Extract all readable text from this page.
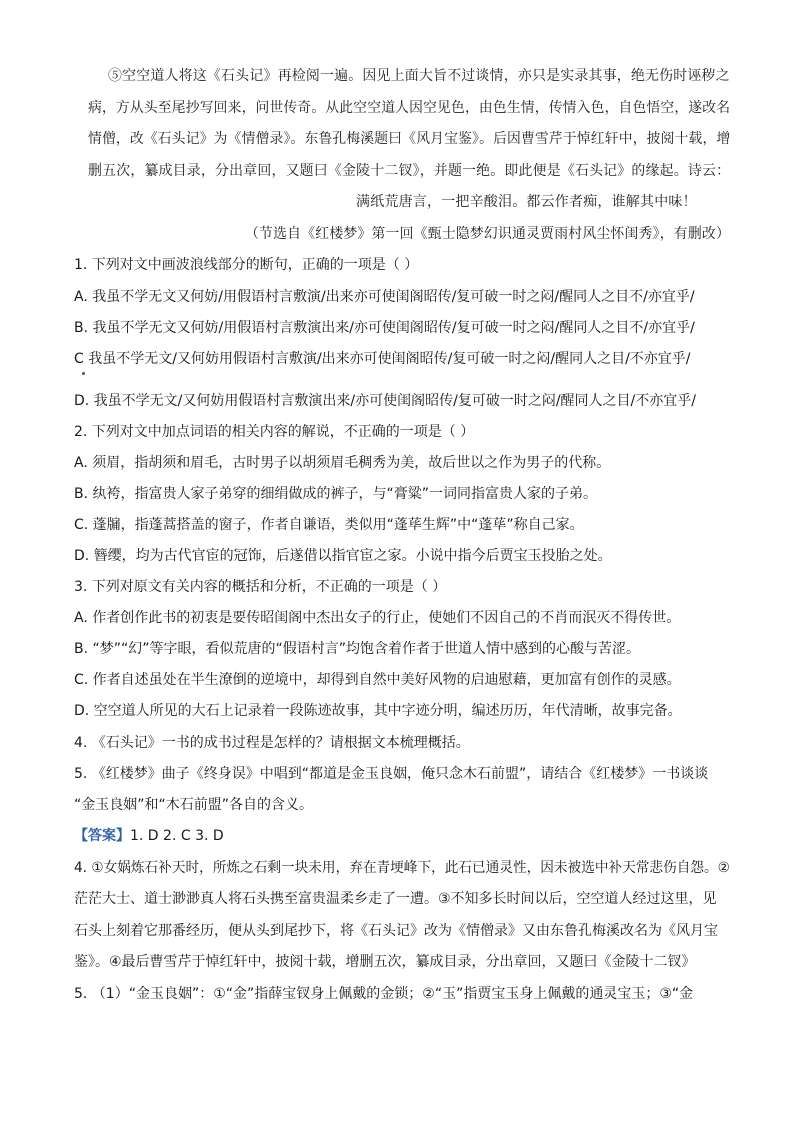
⑤空空道人将这《石头记》再检阅一遍。因见上面大旨不过谈情，亦只是实录其事，绝无伤时诬秽之
病，方从头至尾抄写回来，问世传奇。从此空空道人因空见色，由色生情，传情入色，自色悟空，遂改名
情僧，改《石头记》为《情僧录》。东鲁孔梅溪题曰《风月宝鉴》。后因曹雪芹于悼红轩中，披阅十载，增
删五次，纂成目录，分出章回，又题曰《金陵十二钗》，并题一绝。即此便是《石头记》的缘起。诗云：
满纸荒唐言，一把辛酸泪。都云作者痴，谁解其中味！
（节选自《红楼梦》第一回《甄士隐梦幻识通灵贾雨村风尘怀闺秀》，有删改）
1. 下列对文中画波浪线部分的断句，正确的一项是（ ）
A. 我虽不学无文又何妨/用假语村言敷演/出来亦可使闺阁昭传/复可破一时之闷/醒同人之目不/亦宜乎/
B. 我虽不学无文又何妨/用假语村言敷演出来/亦可使闺阁昭传/复可破一时之闷/醒同人之目不/亦宜乎/
C 我虽不学无文/又何妨用假语村言敷演/出来亦可使闺阁昭传/复可破一时之闷/醒同人之目/不亦宜乎/
D. 我虽不学无文/又何妨用假语村言敷演出来/亦可使闺阁昭传/复可破一时之闷/醒同人之目/不亦宜乎/
2. 下列对文中加点词语的相关内容的解说，不正确的一项是（ ）
A. 须眉，指胡须和眉毛，古时男子以胡须眉毛稠秀为美，故后世以之作为男子的代称。
B. 纨袴，指富贵人家子弟穿的细绢做成的裤子，与“膏粱”一词同指富贵人家的子弟。
C. 蓬牖，指蓬蒿搭盖的窗子，作者自谦语，类似用“蓬荜生辉”中“蓬荜”称自己家。
D. 簪缨，均为古代官宦的冠饰，后遂借以指官宦之家。小说中指今后贾宝玉投胎之处。
3. 下列对原文有关内容的概括和分析，不正确的一项是（ ）
A. 作者创作此书的初衷是要传昭闺阁中杰出女子的行止，使她们不因自己的不肖而泯灭不得传世。
B. “梦”“幻”等字眼，看似荒唐的“假语村言”均饱含着作者于世道人情中感到的心酸与苦涩。
C. 作者自述虽处在半生潦倒的逆境中，却得到自然中美好风物的启迪慰藉，更加富有创作的灵感。
D. 空空道人所见的大石上记录着一段陈迹故事，其中字迹分明，编述历历，年代清晰，故事完备。
4. 《石头记》一书的成书过程是怎样的？请根据文本梳理概括。
5. 《红楼梦》曲子《终身误》中唱到“都道是金玉良姻，俺只念木石前盟”，请结合《红楼梦》一书谈谈
“金玉良姻”和“木石前盟”各自的含义。
【答案】1. D 2. C 3. D
4. ①女娲炼石补天时，所炼之石剩一块未用，弃在青埂峰下，此石已通灵性，因未被选中补天常悲伤自怨。②
茫茫大士、道士渺渺真人将石头携至富贵温柔乡走了一遭。③不知多长时间以后，空空道人经过这里，见
石头上刻着它那番经历，便从头到尾抄下，将《石头记》改为《情僧录》又由东鲁孔梅溪改名为《风月宝
鉴》。④最后曹雪芹于悼红轩中，披阅十载，增删五次，纂成目录，分出章回，又题曰《金陵十二钗》
5. （1）“金玉良姻”：①“金”指薛宝钗身上佩戴的金锁；②“玉”指贾宝玉身上佩戴的通灵宝玉；③“金
